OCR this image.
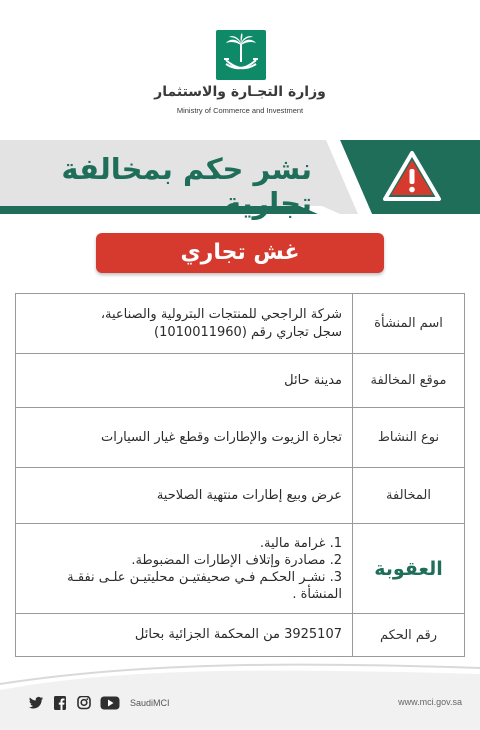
وزارة التجـارة والاستثمار
Ministry of Commerce and Investment
نشر حكم بمخالفة تجارية
غش تجاري
اسم المنشأة
شركة الراجحي للمنتجات البترولية والصناعية،
سجل تجاري رقم (1010011960)
موقع المخالفة
مدينة حائل
نوع النشاط
تجارة الزيوت والإطارات وقطع غيار السيارات
المخالفة
عرض وبيع إطارات منتهية الصلاحية
العقوبة
1. غرامة مالية.
2. مصادرة وإتلاف الإطارات المضبوطة.
3. نشـر الحكـم فـي صحيفتيـن محليتيـن علـى نفقـة المنشأة .
رقم الحكم
3925107 من المحكمة الجزائية بحائل
SaudiMCI	www.mci.gov.sa
